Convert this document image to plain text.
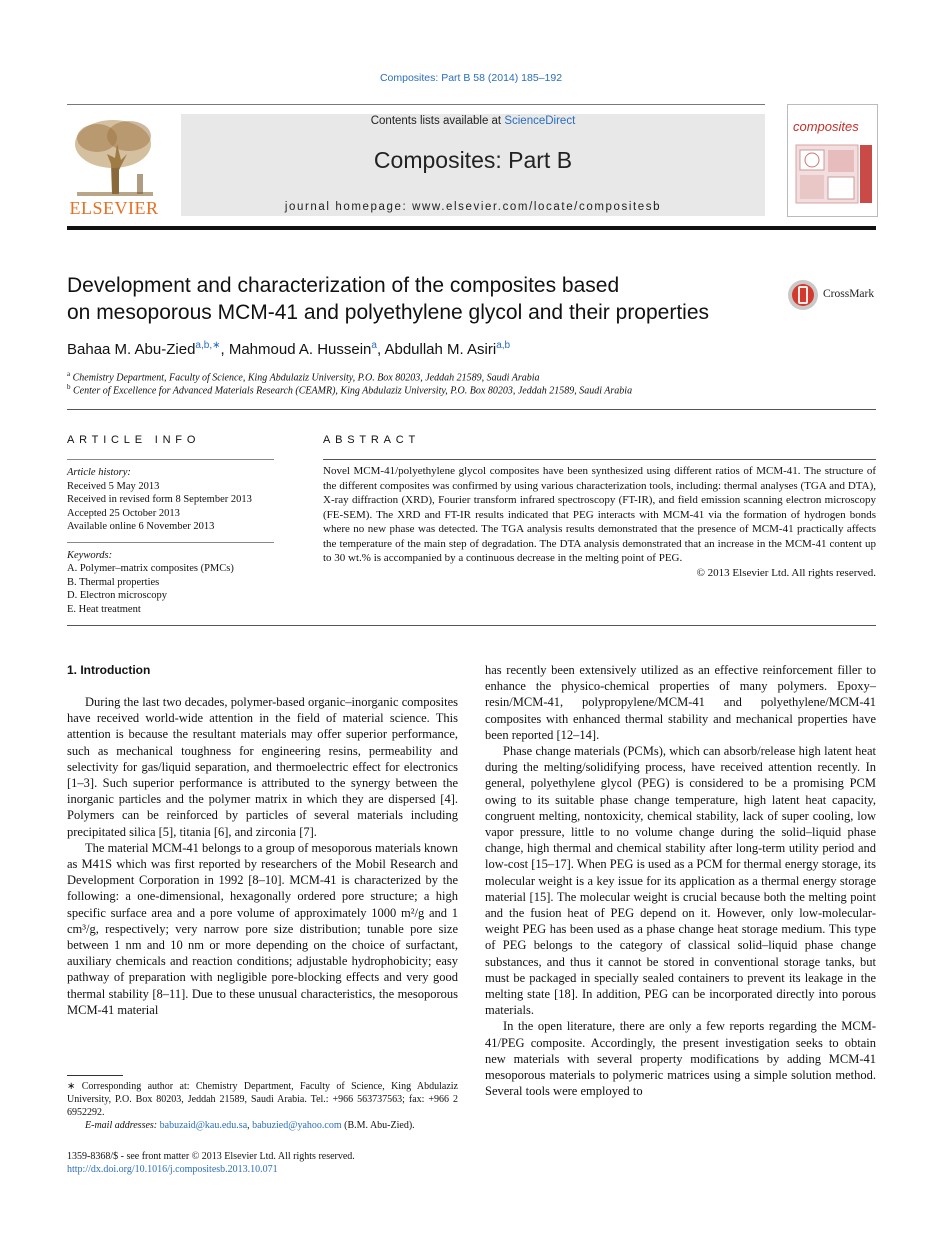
Composites: Part B 58 (2014) 185–192
ELSEVIER
Contents lists available at ScienceDirect
Composites: Part B
journal homepage: www.elsevier.com/locate/compositesb
composites
Development and characterization of the composites based
on mesoporous MCM-41 and polyethylene glycol and their properties
CrossMark
Bahaa M. Abu-Zied$^{a,b,∗}$, Mahmoud A. Hussein$^a$, Abdullah M. Asiri$^{a,b}$
$^a$ Chemistry Department, Faculty of Science, King Abdulaziz University, P.O. Box 80203, Jeddah 21589, Saudi Arabia
$^b$ Center of Excellence for Advanced Materials Research (CEAMR), King Abdulaziz University, P.O. Box 80203, Jeddah 21589, Saudi Arabia
ARTICLE INFO	ABSTRACT
Article history:
Received 5 May 2013
Received in revised form 8 September 2013
Accepted 25 October 2013
Available online 6 November 2013
Keywords:
A. Polymer–matrix composites (PMCs)
B. Thermal properties
D. Electron microscopy
E. Heat treatment
Novel MCM-41/polyethylene glycol composites have been synthesized using different ratios of MCM-41. The structure of the different composites was confirmed by using various characterization tools, including: thermal analyses (TGA and DTA), X-ray diffraction (XRD), Fourier transform infrared spectroscopy (FT-IR), and field emission scanning electron microscopy (FE-SEM). The XRD and FT-IR results indicated that PEG interacts with MCM-41 via the formation of hydrogen bonds where no new phase was detected. The TGA analysis results demonstrated that the presence of MCM-41 practically affects the temperature of the main step of degradation. The DTA analysis demonstrated that an increase in the MCM-41 content up to 30 wt.% is accompanied by a continuous decrease in the melting point of PEG.
© 2013 Elsevier Ltd. All rights reserved.
1. Introduction

During the last two decades, polymer-based organic–inorganic composites have received world-wide attention in the field of material science. This attention is because the resultant materials may offer superior performance, such as mechanical toughness for engineering resins, permeability and selectivity for gas/liquid separation, and thermoelectric effect for electronics [1–3]. Such superior performance is attributed to the synergy between the inorganic particles and the polymer matrix in which they are dispersed [4]. Polymers can be reinforced by particles of several materials including precipitated silica [5], titania [6], and zirconia [7].

The material MCM-41 belongs to a group of mesoporous materials known as M41S which was first reported by researchers of the Mobil Research and Development Corporation in 1992 [8–10]. MCM-41 is characterized by the following: a one-dimensional, hexagonally ordered pore structure; a high specific surface area and a pore volume of approximately 1000 m²/g and 1 cm³/g, respectively; very narrow pore size distribution; tunable pore size between 1 nm and 10 nm or more depending on the choice of surfactant, auxiliary chemicals and reaction conditions; adjustable hydrophobicity; easy pathway of preparation with negligible pore-blocking effects and very good thermal stability [8–11]. Due to these unusual characteristics, the mesoporous MCM-41 material

has recently been extensively utilized as an effective reinforcement filler to enhance the physico-chemical properties of many polymers. Epoxy–resin/MCM-41, polypropylene/MCM-41 and polyethylene/MCM-41 composites with enhanced thermal stability and mechanical properties have been reported [12–14].

Phase change materials (PCMs), which can absorb/release high latent heat during the melting/solidifying process, have received attention recently. In general, polyethylene glycol (PEG) is considered to be a promising PCM owing to its suitable phase change temperature, high latent heat capacity, congruent melting, nontoxicity, chemical stability, lack of super cooling, low vapor pressure, little to no volume change during the solid–liquid phase change, high thermal and chemical stability after long-term utility period and low-cost [15–17]. When PEG is used as a PCM for thermal energy storage, its molecular weight is a key issue for its application as a thermal energy storage material [15]. The molecular weight is crucial because both the melting point and the fusion heat of PEG depend on it. However, only low-molecular-weight PEG has been used as a phase change heat storage medium. This type of PEG belongs to the category of classical solid–liquid phase change substances, and thus it cannot be stored in conventional storage tanks, but must be packaged in specially sealed containers to prevent its leakage in the melting state [18]. In addition, PEG can be incorporated directly into porous materials.

In the open literature, there are only a few reports regarding the MCM-41/PEG composite. Accordingly, the present investigation seeks to obtain new materials with several property modifications by adding MCM-41 mesoporous materials to polymeric matrices using a simple solution method. Several tools were employed to

∗ Corresponding author at: Chemistry Department, Faculty of Science, King Abdulaziz University, P.O. Box 80203, Jeddah 21589, Saudi Arabia. Tel.: +966 563737563; fax: +966 2 6952292.
E-mail addresses: babuzaid@kau.edu.sa, babuzied@yahoo.com (B.M. Abu-Zied).
1359-8368/$ - see front matter © 2013 Elsevier Ltd. All rights reserved.
http://dx.doi.org/10.1016/j.compositesb.2013.10.071
